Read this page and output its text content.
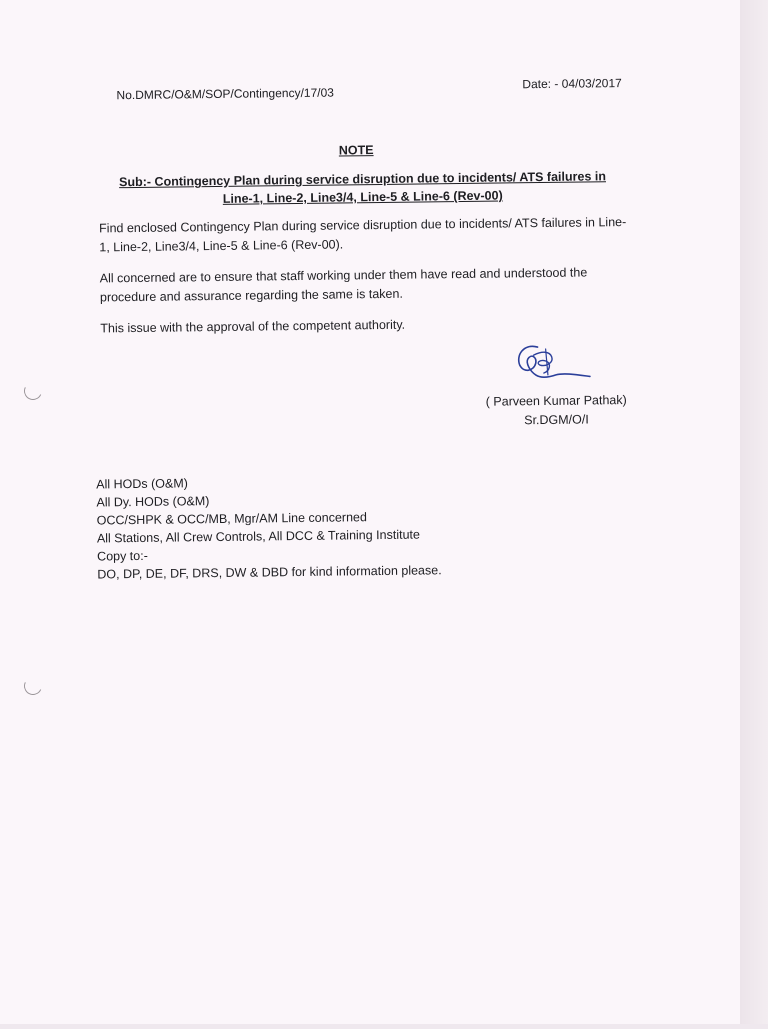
No.DMRC/O&M/SOP/Contingency/17/03
Date: - 04/03/2017
NOTE
Sub:- Contingency Plan during service disruption due to incidents/ ATS failures in
Line-1, Line-2, Line3/4, Line-5 & Line-6 (Rev-00)
Find enclosed Contingency Plan during service disruption due to incidents/ ATS failures in Line-1, Line-2, Line3/4, Line-5 & Line-6 (Rev-00).
All concerned are to ensure that staff working under them have read and understood the procedure and assurance regarding the same is taken.
This issue with the approval of the competent authority.
( Parveen Kumar Pathak)
Sr.DGM/O/I
All HODs (O&M)
All Dy. HODs (O&M)
OCC/SHPK & OCC/MB, Mgr/AM Line concerned
All Stations, All Crew Controls, All DCC & Training Institute
Copy to:-
DO, DP, DE, DF, DRS, DW & DBD for kind information please.
